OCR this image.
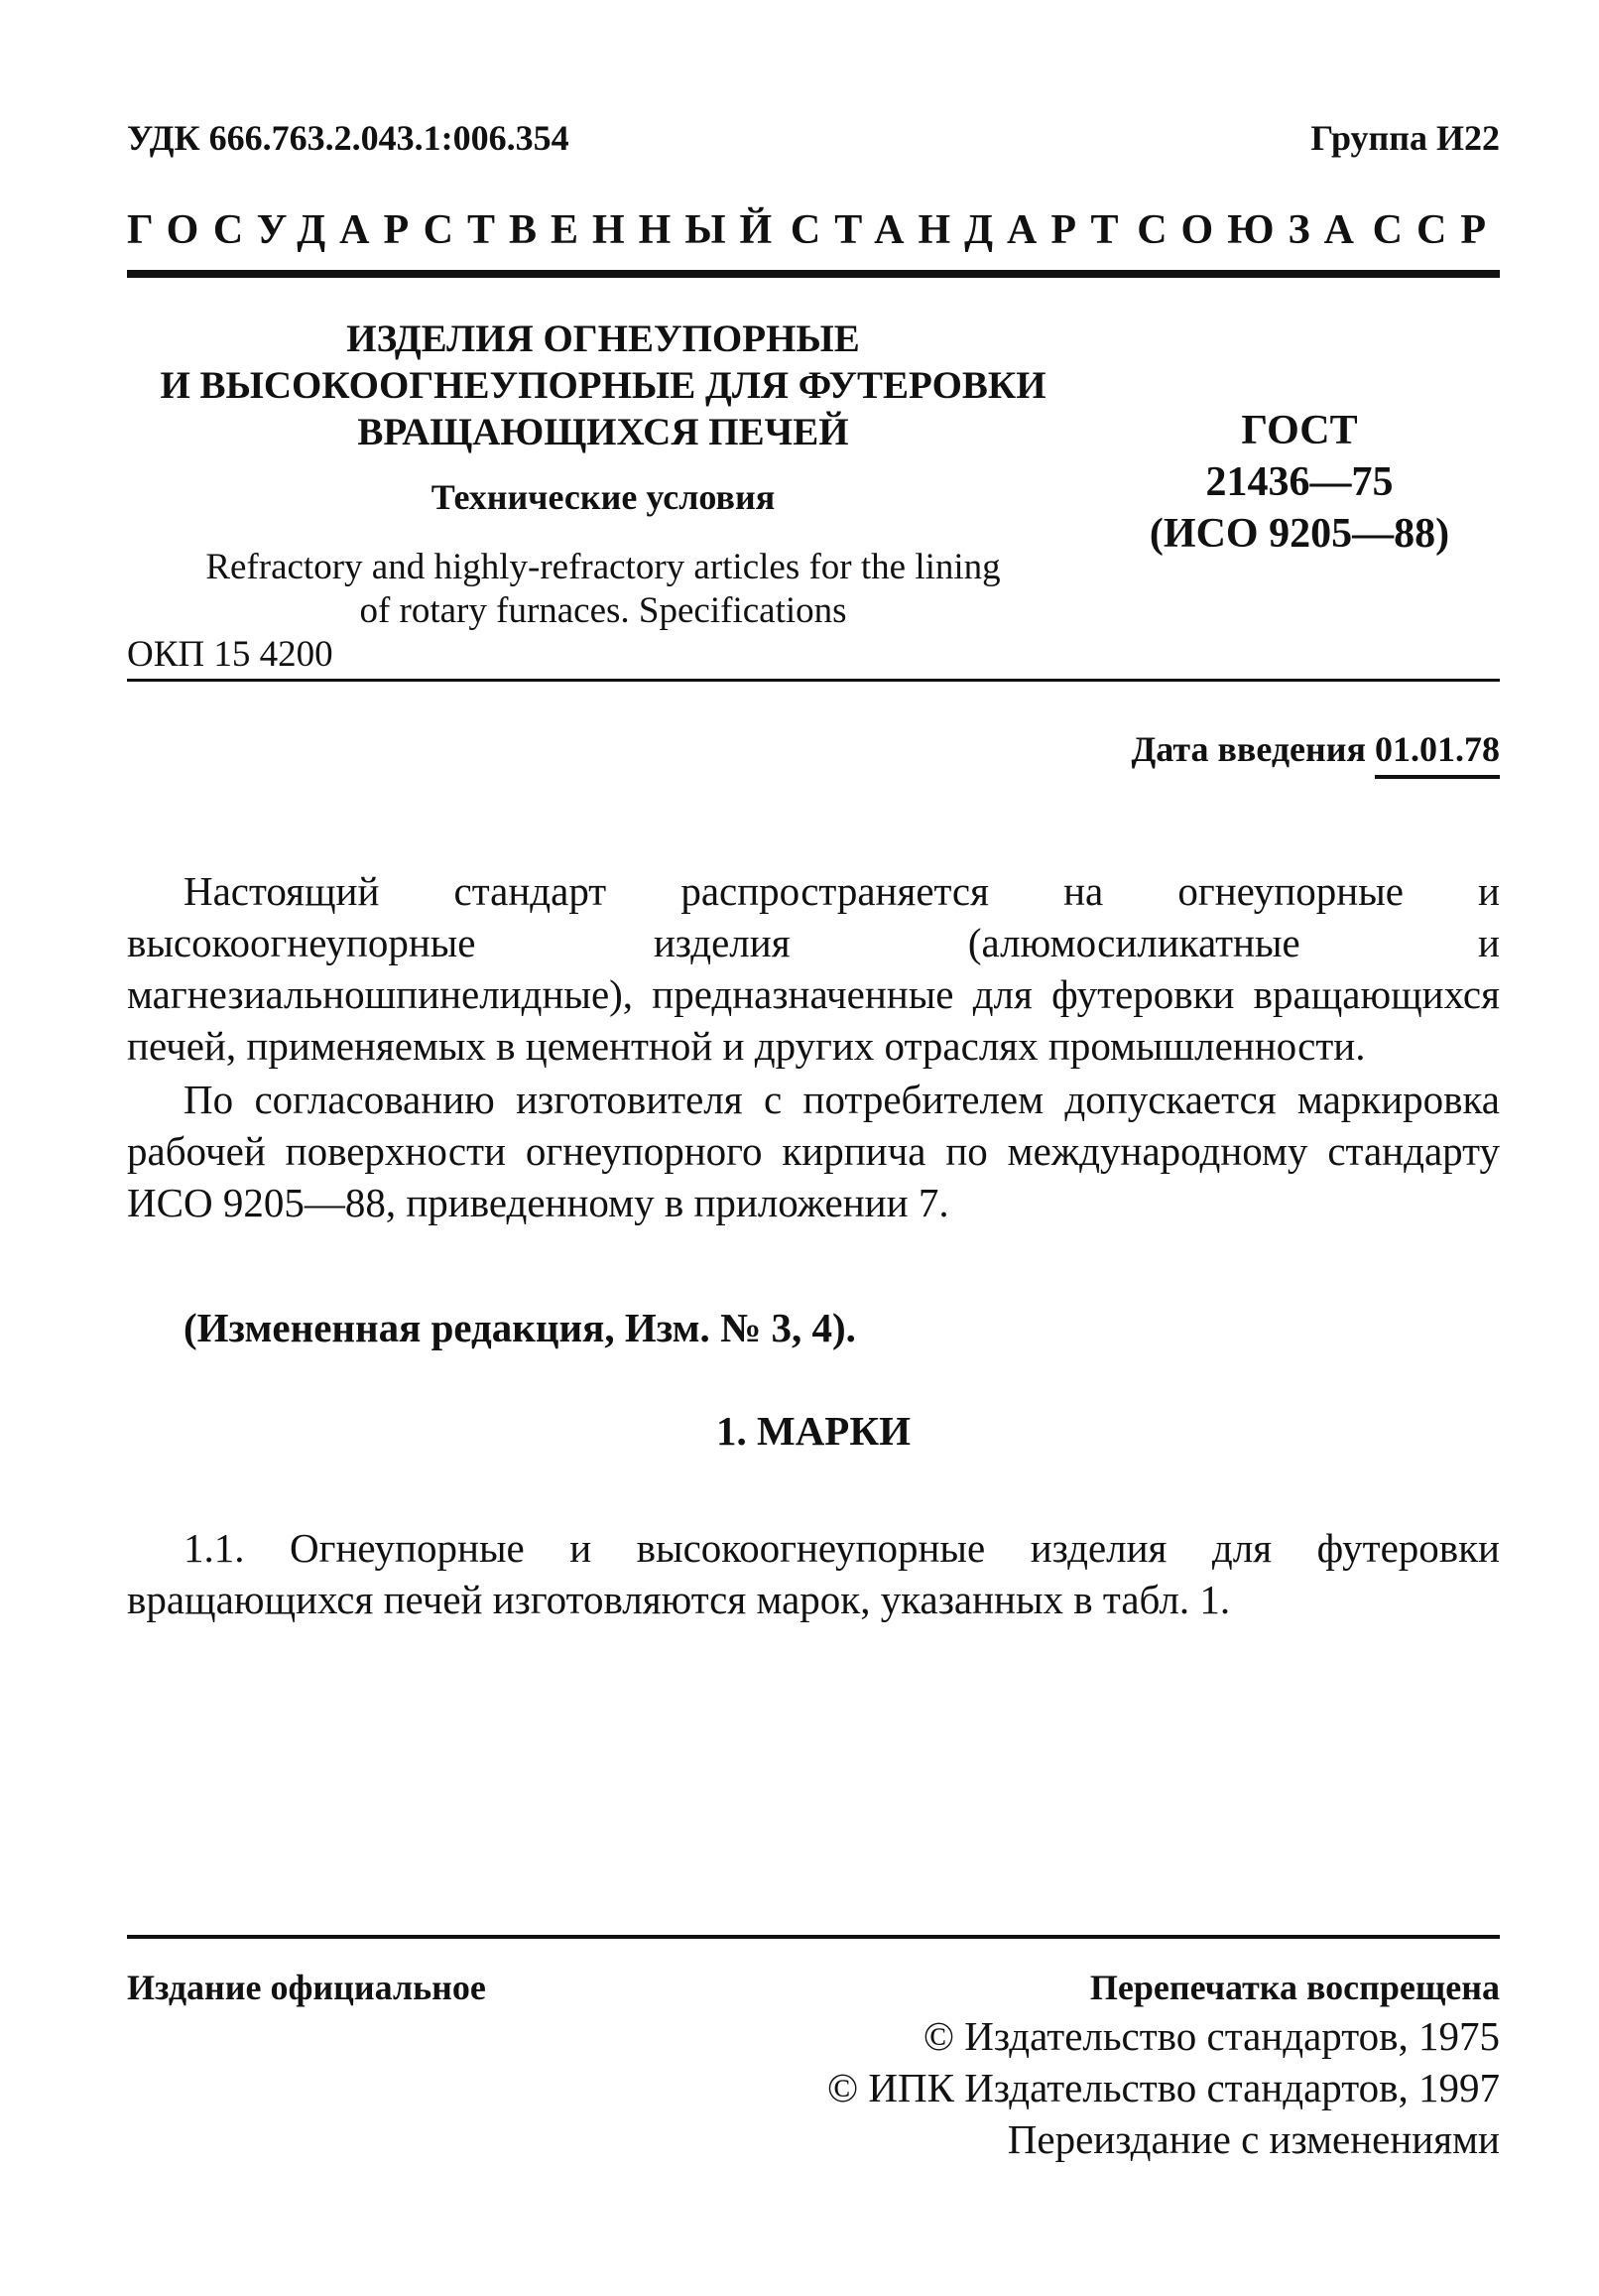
УДК 666.763.2.043.1:006.354	Группа И22
ГОСУДАРСТВЕННЫЙ СТАНДАРТ СОЮЗА ССР
ИЗДЕЛИЯ ОГНЕУПОРНЫЕ
И ВЫСОКООГНЕУПОРНЫЕ ДЛЯ ФУТЕРОВКИ
ВРАЩАЮЩИХСЯ ПЕЧЕЙ
Технические условия
Refractory and highly-refractory articles for the lining
of rotary furnaces. Specifications
ОКП 15 4200
ГОСТ
21436—75
(ИСО 9205—88)
Дата введения 01.01.78
Настоящий стандарт распространяется на огнеупорные и высокоогнеупорные изделия (алюмосиликатные и магнезиальношпинелидные), предназначенные для футеровки вращающихся печей, применяемых в цементной и других отраслях промышленности.
По согласованию изготовителя с потребителем допускается маркировка рабочей поверхности огнеупорного кирпича по международному стандарту ИСО 9205—88, приведенному в приложении 7.
(Измененная редакция, Изм. № 3, 4).
1. МАРКИ
1.1. Огнеупорные и высокоогнеупорные изделия для футеровки вращающихся печей изготовляются марок, указанных в табл. 1.
Издание официальное	Перепечатка воспрещена
© Издательство стандартов, 1975
© ИПК Издательство стандартов, 1997
Переиздание с изменениями
